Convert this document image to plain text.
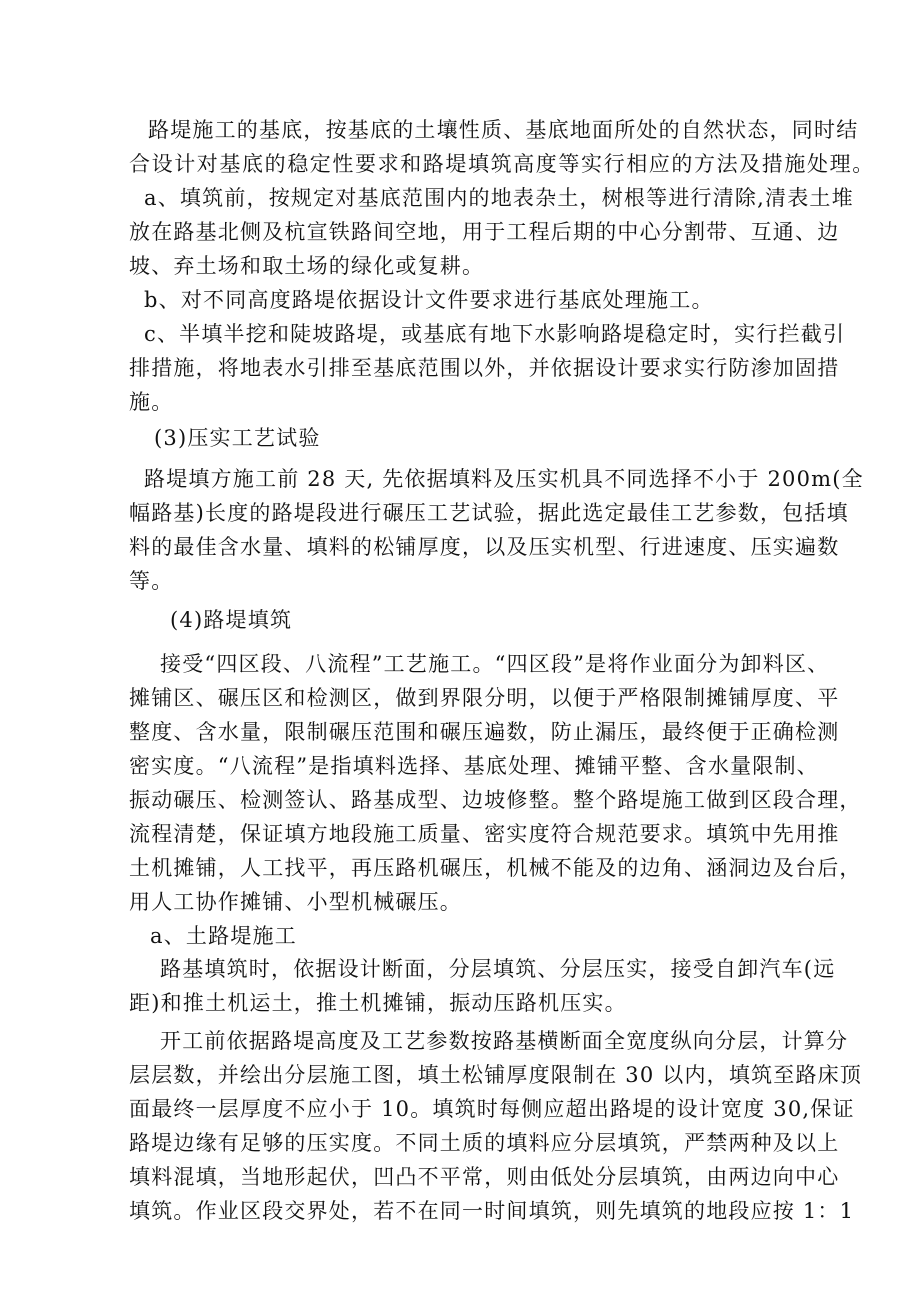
路堤施工的基底，按基底的土壤性质、基底地面所处的自然状态，同时结
合设计对基底的稳定性要求和路堤填筑高度等实行相应的方法及措施处理。
a、填筑前，按规定对基底范围内的地表杂土，树根等进行清除,清表土堆
放在路基北侧及杭宣铁路间空地，用于工程后期的中心分割带、互通、边
坡、弃土场和取土场的绿化或复耕。
b、对不同高度路堤依据设计文件要求进行基底处理施工。
c、半填半挖和陡坡路堤，或基底有地下水影响路堤稳定时，实行拦截引
排措施，将地表水引排至基底范围以外，并依据设计要求实行防渗加固措
施。
(3)压实工艺试验
路堤填方施工前 28 天, 先依据填料及压实机具不同选择不小于 200m(全
幅路基)长度的路堤段进行碾压工艺试验，据此选定最佳工艺参数，包括填
料的最佳含水量、填料的松铺厚度，以及压实机型、行进速度、压实遍数
等。
(4)路堤填筑
接受“四区段、八流程”工艺施工。“四区段”是将作业面分为卸料区、
摊铺区、碾压区和检测区，做到界限分明，以便于严格限制摊铺厚度、平
整度、含水量，限制碾压范围和碾压遍数，防止漏压，最终便于正确检测
密实度。“八流程”是指填料选择、基底处理、摊铺平整、含水量限制、
振动碾压、检测签认、路基成型、边坡修整。整个路堤施工做到区段合理，
流程清楚，保证填方地段施工质量、密实度符合规范要求。填筑中先用推
土机摊铺，人工找平，再压路机碾压，机械不能及的边角、涵洞边及台后，
用人工协作摊铺、小型机械碾压。
a、土路堤施工
路基填筑时，依据设计断面，分层填筑、分层压实，接受自卸汽车(远
距)和推土机运土，推土机摊铺，振动压路机压实。
开工前依据路堤高度及工艺参数按路基横断面全宽度纵向分层，计算分
层层数，并绘出分层施工图，填土松铺厚度限制在 30 以内，填筑至路床顶
面最终一层厚度不应小于 10。填筑时每侧应超出路堤的设计宽度 30,保证
路堤边缘有足够的压实度。不同土质的填料应分层填筑，严禁两种及以上
填料混填，当地形起伏，凹凸不平常，则由低处分层填筑，由两边向中心
填筑。作业区段交界处，若不在同一时间填筑，则先填筑的地段应按 1：1
